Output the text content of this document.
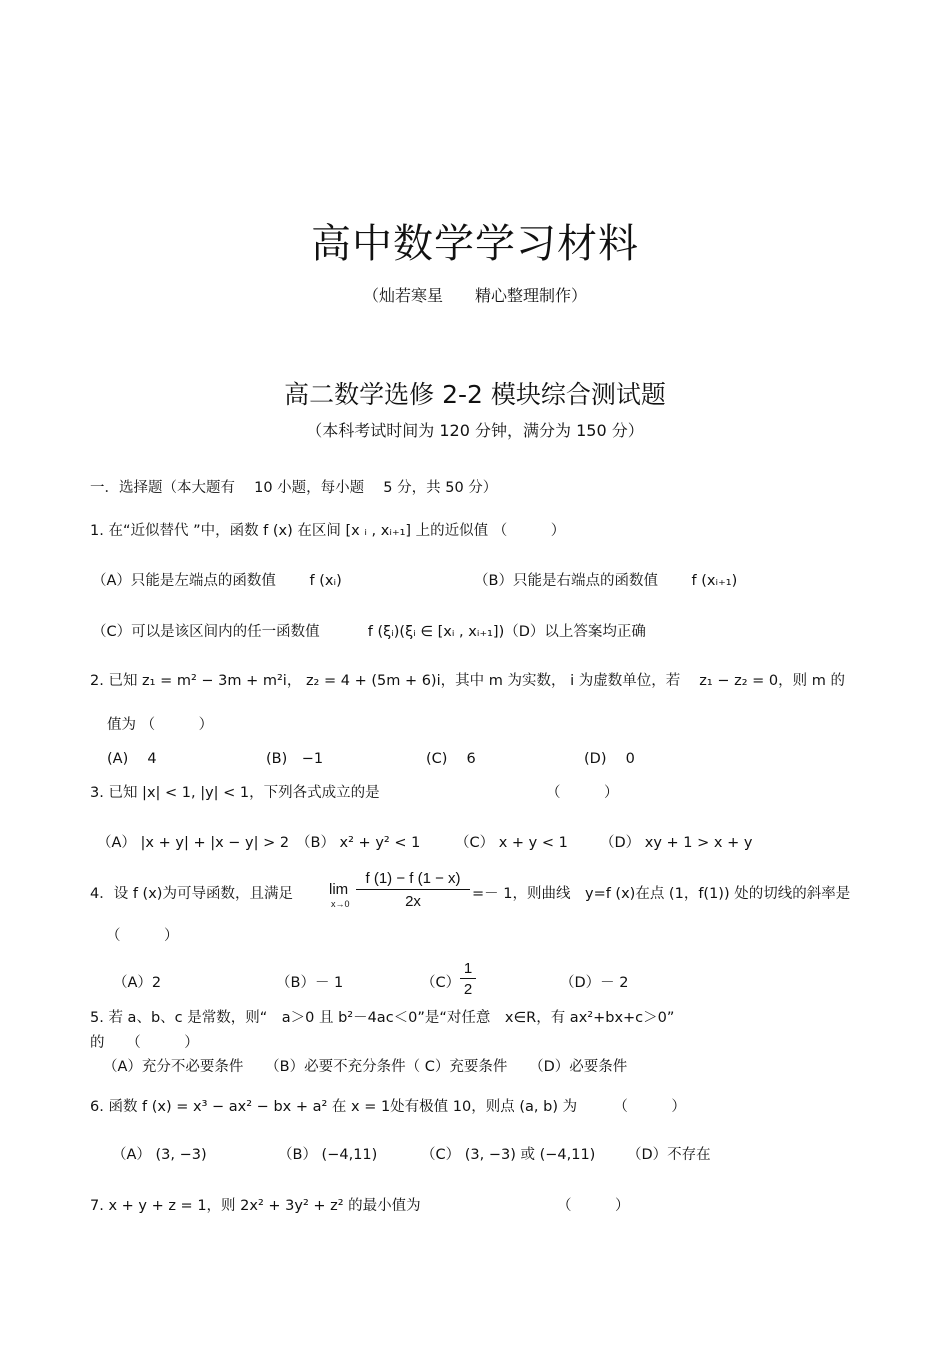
高中数学学习材料
（灿若寒星　　精心整理制作）
高二数学选修 2-2 模块综合测试题
（本科考试时间为 120 分钟，满分为 150 分）
一．选择题（本大题有　 10 小题，每小题　 5 分，共 50 分）
1. 在“近似替代 ”中，函数 f (x) 在区间 [x ᵢ , xᵢ₊₁] 上的近似值 （　　　）
（A）只能是左端点的函数值　　 f (xᵢ)	（B）只能是右端点的函数值　　 f (xᵢ₊₁)
（C）可以是该区间内的任一函数值　　　 f (ξᵢ)(ξᵢ ∈ [xᵢ , xᵢ₊₁])（D）以上答案均正确
2. 已知 z₁ = m² − 3m + m²i， z₂ = 4 + (5m + 6)i，其中 m 为实数， i 为虚数单位，若　 z₁ − z₂ = 0，则 m 的
值为 （　　　）
(A)　 4	(B)　−1	(C)　 6	(D)　 0
3. 已知 |x| < 1, |y| < 1，下列各式成立的是	（　　　）
（A） |x + y| + |x − y| > 2 （B） x² + y² < 1 （C） x + y < 1 （D） xy + 1 > x + y
4．设 f (x)为可导函数，且满足 lim
$x\to 0 \frac{f (1) - f (1 - x)}{2x} =- 1$，则曲线　y=f (x)在点 (1，f(1)) 处的切线的斜率是
（　　　）
（A）2	（B）－ 1	$(C) \frac{1}{2}$	（D）－ 2
5. 若 a、b、c 是常数，则“　a＞0 且 b²－4ac＜0”是“对任意　x∈R，有 ax²+bx+c＞0”
的　　（　　　）
（A）充分不必要条件　　（B）必要不充分条件（ C）充要条件　　（D）必要条件
6. 函数 f (x) = x³ − ax² − bx + a² 在 x = 1处有极值 10，则点 (a, b) 为　　　（　　　）
（A） (3, −3)	（B） (−4,11)	（C） (3, −3) 或 (−4,11) （D）不存在
7. x + y + z = 1，则 2x² + 3y² + z² 的最小值为	（　　　）
